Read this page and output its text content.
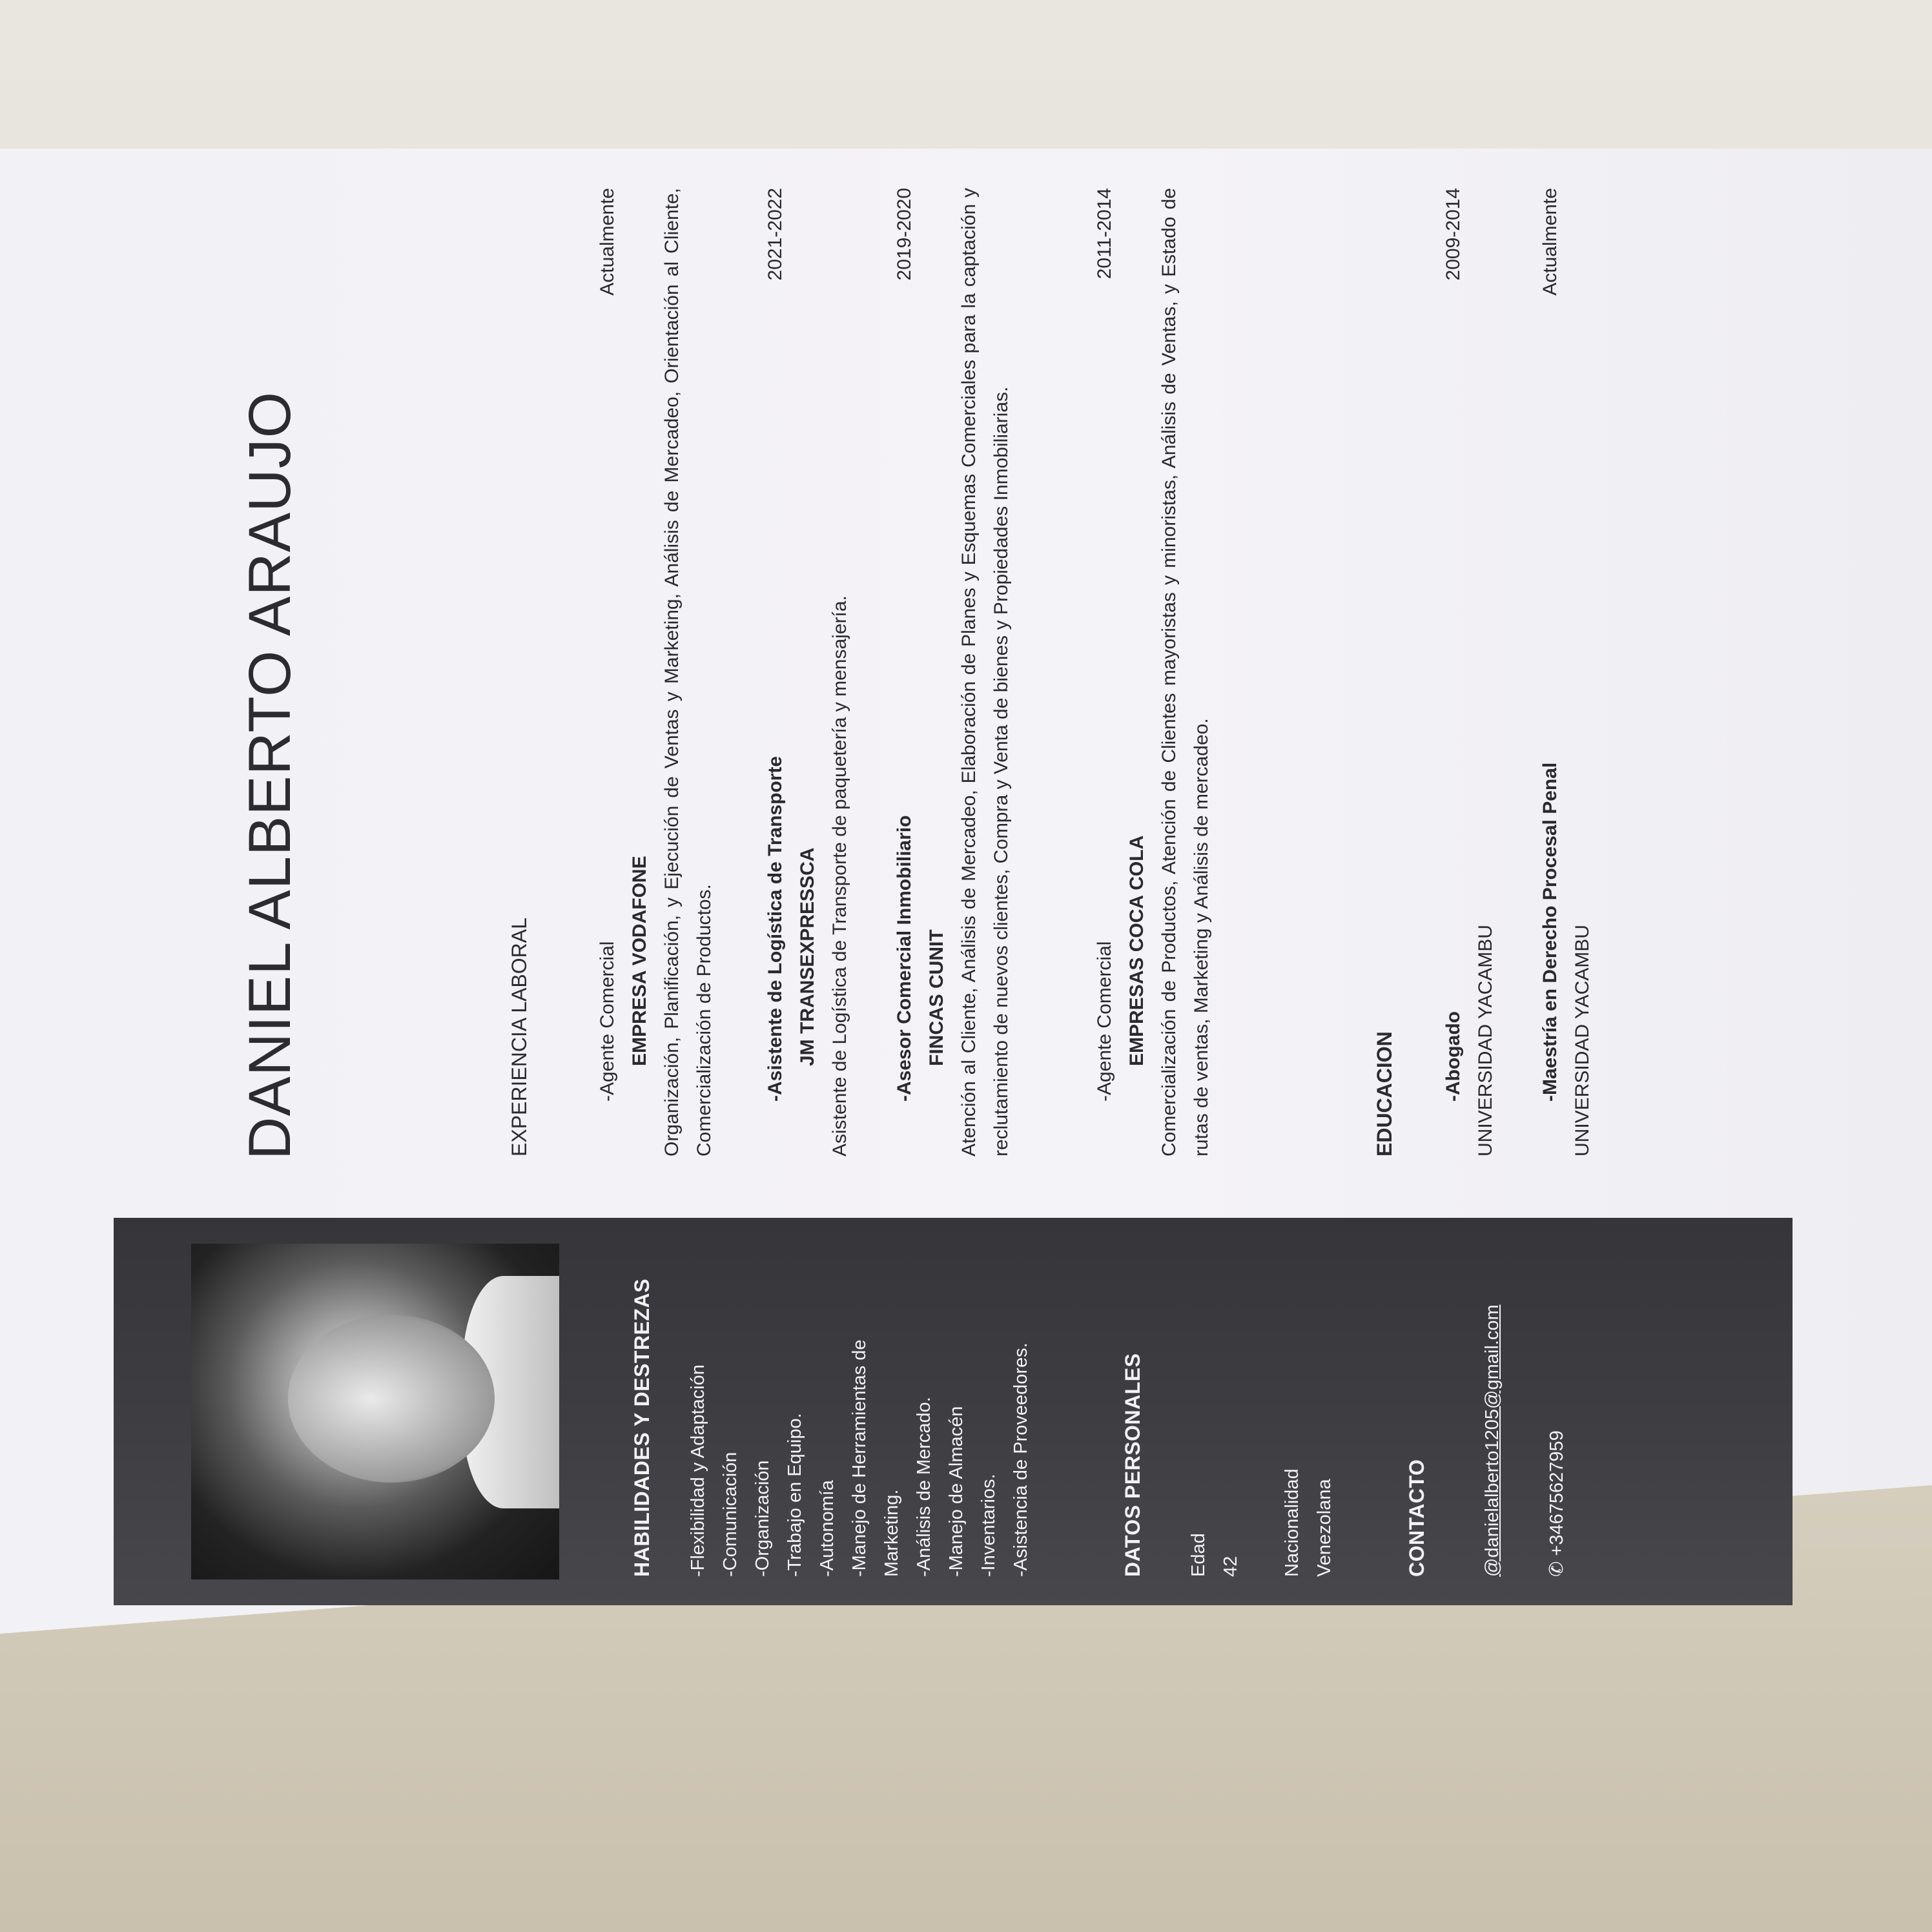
HABILIDADES Y DESTREZAS	-Flexibilidad y Adaptación -Comunicación -Organización -Trabajo en Equipo. -Autonomía -Manejo de Herramientas de Marketing. -Análisis de Mercado. -Manejo de Almacén -Inventarios. -Asistencia de Proveedores.	DATOS PERSONALES	Edad 42	Nacionalidad Venezolana	CONTACTO	@danielalberto1205@gmail.com	✆ +34675627959
DANIEL ALBERTO ARAUJO	EXPERIENCIA LABORAL
Actualmente
-Agente Comercial EMPRESA VODAFONE Organización, Planificación, y Ejecución de Ventas y Marketing, Análisis de Mercadeo, Orientación al Cliente, Comercialización de Productos.
2021-2022
-Asistente de Logística de Transporte JM TRANSEXPRESSCA Asistente de Logística de Transporte de paquetería y mensajería.
2019-2020
-Asesor Comercial Inmobiliario FINCAS CUNIT Atención al Cliente, Análisis de Mercadeo, Elaboración de Planes y Esquemas Comerciales para la captación y reclutamiento de nuevos clientes, Compra y Venta de bienes y Propiedades Inmobiliarias.
2011-2014
-Agente Comercial EMPRESAS COCA COLA Comercialización de Productos, Atención de Clientes mayoristas y minoristas, Análisis de Ventas, y Estado de rutas de ventas, Marketing y Análisis de mercadeo.	EDUCACION
2009-2014
-Abogado UNIVERSIDAD YACAMBU
Actualmente
-Maestría en Derecho Procesal Penal UNIVERSIDAD YACAMBU
